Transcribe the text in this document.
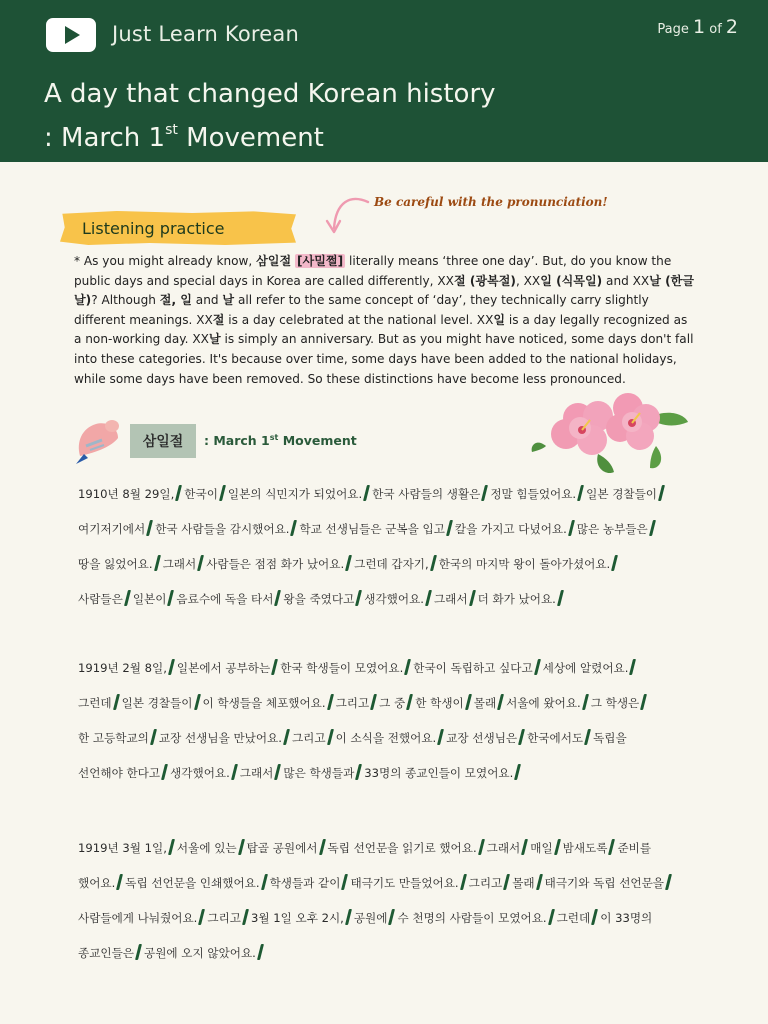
Just Learn Korean	Page 1 of 2
A day that changed Korean history
: March 1st Movement
Be careful with the pronunciation!
Listening practice
* As you might already know, 삼일절 [사밀쩔] literally means ‘three one day’. But, do you know the public days and special days in Korea are called differently, XX절 (광복절), XX일 (식목일) and XX날 (한글날)? Although 절, 일 and 날 all refer to the same concept of ‘day’, they technically carry slightly different meanings. XX절 is a day celebrated at the national level. XX일 is a day legally recognized as a non-working day. XX날 is simply an anniversary. But as you might have noticed, some days don't fall into these categories. It's because over time, some days have been added to the national holidays, while some days have been removed. So these distinctions have become less pronounced.
삼일절	: March 1st Movement
1910년 8월 29일, 한국이 일본의 식민지가 되었어요. 한국 사람들의 생활은 정말 힘들었어요. 일본 경찰들이
여기저기에서 한국 사람들을 감시했어요. 학교 선생님들은 군복을 입고 칼을 가지고 다녔어요. 많은 농부들은
땅을 잃었어요. 그래서 사람들은 점점 화가 났어요. 그런데 갑자기, 한국의 마지막 왕이 돌아가셨어요.
사람들은 일본이 음료수에 독을 타서 왕을 죽였다고 생각했어요. 그래서 더 화가 났어요.
1919년 2월 8일, 일본에서 공부하는 한국 학생들이 모였어요. 한국이 독립하고 싶다고 세상에 알렸어요.
그런데 일본 경찰들이 이 학생들을 체포했어요. 그리고 그 중 한 학생이 몰래 서울에 왔어요. 그 학생은
한 고등학교의 교장 선생님을 만났어요. 그리고 이 소식을 전했어요. 교장 선생님은 한국에서도 독립을
선언해야 한다고 생각했어요. 그래서 많은 학생들과 33명의 종교인들이 모였어요.
1919년 3월 1일, 서울에 있는 탑골 공원에서 독립 선언문을 읽기로 했어요. 그래서 매일 밤새도록 준비를
했어요. 독립 선언문을 인쇄했어요. 학생들과 같이 태극기도 만들었어요. 그리고 몰래 태극기와 독립 선언문을
사람들에게 나눠줬어요. 그리고 3월 1일 오후 2시, 공원에 수 천명의 사람들이 모였어요. 그런데 이 33명의
종교인들은 공원에 오지 않았어요.
